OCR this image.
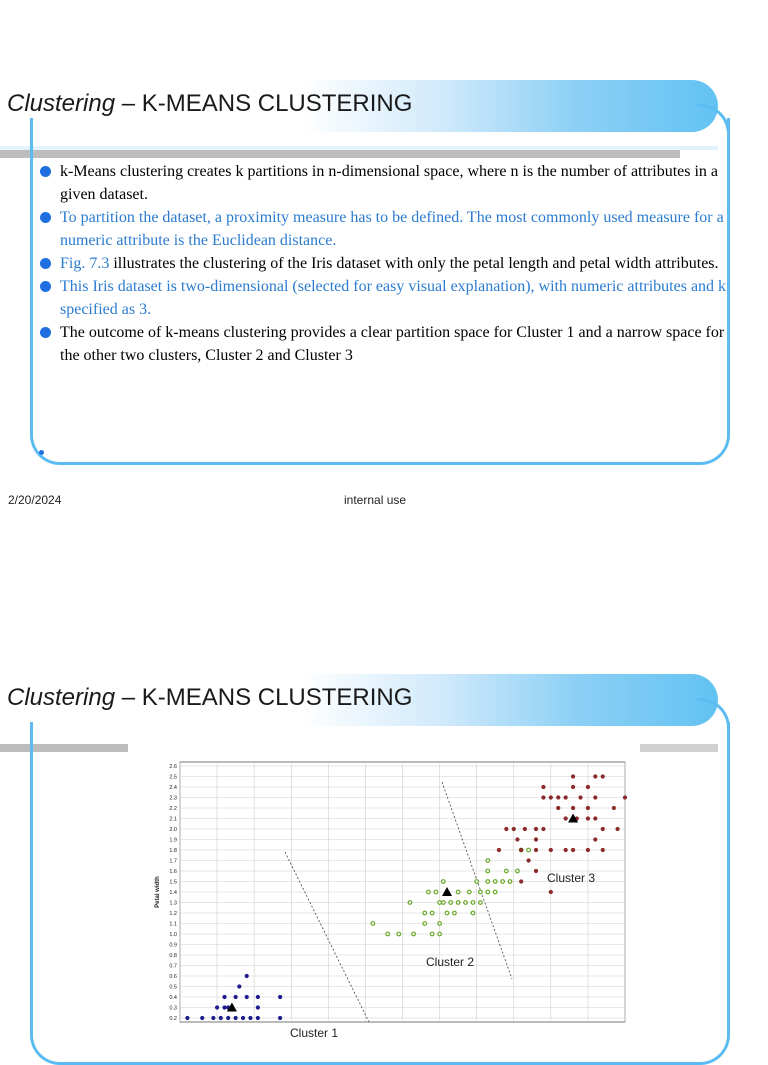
Clustering – K-MEANS CLUSTERING
k-Means clustering creates k partitions in n-dimensional space, where n is the number of attributes in a given dataset.
To partition the dataset, a proximity measure has to be defined. The most commonly used measure for a numeric attribute is the Euclidean distance.
Fig. 7.3 illustrates the clustering of the Iris dataset with only the petal length and petal width attributes.
This Iris dataset is two-dimensional (selected for easy visual explanation), with numeric attributes and k specified as 3.
The outcome of k-means clustering provides a clear partition space for Cluster 1 and a narrow space for the other two clusters, Cluster 2 and Cluster 3
2/20/2024	internal use
Clustering – K-MEANS CLUSTERING
0.2
0.3
0.4
0.5
0.6
0.7
0.8
0.9
1.0
1.1
1.2
1.3
1.4
1.5
1.6
1.7
1.8
1.9
2.0
2.1
2.2
2.3
2.4
2.5
2.6
Petal width	Cluster 3
Cluster 2
Cluster 1
